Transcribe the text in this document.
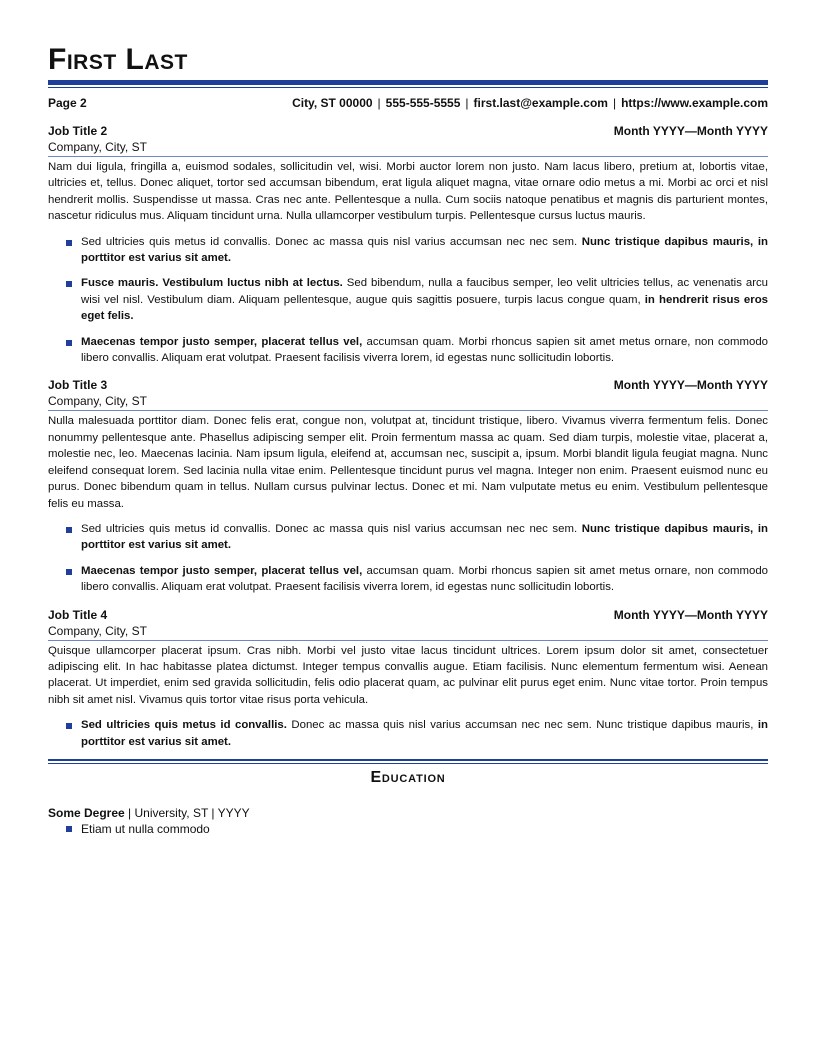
First Last
Page 2	City, ST 00000 | 555-555-5555 | first.last@example.com | https://www.example.com
Job Title 2	Month YYYY—Month YYYY
Company, City, ST

Nam dui ligula, fringilla a, euismod sodales, sollicitudin vel, wisi. Morbi auctor lorem non justo. Nam lacus libero, pretium at, lobortis vitae, ultricies et, tellus. Donec aliquet, tortor sed accumsan bibendum, erat ligula aliquet magna, vitae ornare odio metus a mi. Morbi ac orci et nisl hendrerit mollis. Suspendisse ut massa. Cras nec ante. Pellentesque a nulla. Cum sociis natoque penatibus et magnis dis parturient montes, nascetur ridiculus mus. Aliquam tincidunt urna. Nulla ullamcorper vestibulum turpis. Pellentesque cursus luctus mauris.

Sed ultricies quis metus id convallis. Donec ac massa quis nisl varius accumsan nec nec sem. Nunc tristique dapibus mauris, in porttitor est varius sit amet.
Fusce mauris. Vestibulum luctus nibh at lectus. Sed bibendum, nulla a faucibus semper, leo velit ultricies tellus, ac venenatis arcu wisi vel nisl. Vestibulum diam. Aliquam pellentesque, augue quis sagittis posuere, turpis lacus congue quam, in hendrerit risus eros eget felis.
Maecenas tempor justo semper, placerat tellus vel, accumsan quam. Morbi rhoncus sapien sit amet metus ornare, non commodo libero convallis. Aliquam erat volutpat. Praesent facilisis viverra lorem, id egestas nunc sollicitudin lobortis.
Job Title 3	Month YYYY—Month YYYY
Company, City, ST

Nulla malesuada porttitor diam. Donec felis erat, congue non, volutpat at, tincidunt tristique, libero. Vivamus viverra fermentum felis. Donec nonummy pellentesque ante. Phasellus adipiscing semper elit. Proin fermentum massa ac quam. Sed diam turpis, molestie vitae, placerat a, molestie nec, leo. Maecenas lacinia. Nam ipsum ligula, eleifend at, accumsan nec, suscipit a, ipsum. Morbi blandit ligula feugiat magna. Nunc eleifend consequat lorem. Sed lacinia nulla vitae enim. Pellentesque tincidunt purus vel magna. Integer non enim. Praesent euismod nunc eu purus. Donec bibendum quam in tellus. Nullam cursus pulvinar lectus. Donec et mi. Nam vulputate metus eu enim. Vestibulum pellentesque felis eu massa.

Sed ultricies quis metus id convallis. Donec ac massa quis nisl varius accumsan nec nec sem. Nunc tristique dapibus mauris, in porttitor est varius sit amet.
Maecenas tempor justo semper, placerat tellus vel, accumsan quam. Morbi rhoncus sapien sit amet metus ornare, non commodo libero convallis. Aliquam erat volutpat. Praesent facilisis viverra lorem, id egestas nunc sollicitudin lobortis.
Job Title 4	Month YYYY—Month YYYY
Company, City, ST

Quisque ullamcorper placerat ipsum. Cras nibh. Morbi vel justo vitae lacus tincidunt ultrices. Lorem ipsum dolor sit amet, consectetuer adipiscing elit. In hac habitasse platea dictumst. Integer tempus convallis augue. Etiam facilisis. Nunc elementum fermentum wisi. Aenean placerat. Ut imperdiet, enim sed gravida sollicitudin, felis odio placerat quam, ac pulvinar elit purus eget enim. Nunc vitae tortor. Proin tempus nibh sit amet nisl. Vivamus quis tortor vitae risus porta vehicula.

Sed ultricies quis metus id convallis. Donec ac massa quis nisl varius accumsan nec nec sem. Nunc tristique dapibus mauris, in porttitor est varius sit amet.
Education
Some Degree | University, ST | YYYY
Etiam ut nulla commodo
